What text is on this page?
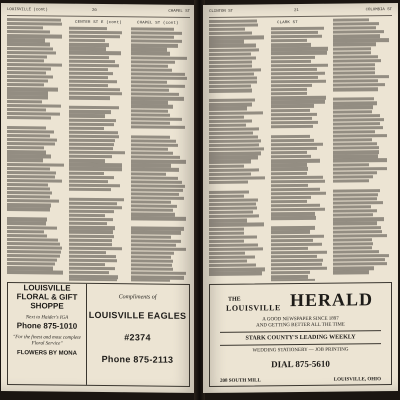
LOUISVILLE (cont)	20	CHAPEL ST
CENTER ST E (cont)	CHAPEL ST (cont)

LOUISVILLE

FLORAL & GIFT

SHOPPE

Next to Haider's IGA

Phone 875-1010

"For the finest and most complete Floral Service"

FLOWERS BY MONA

Compliments of

LOUISVILLE EAGLES

#2374

Phone 875-2113

CLINTON ST	21	COLUMBIA ST
CLARK ST
THE
LOUISVILLE HERALD
A GOOD NEWSPAPER SINCE 1897
AND GETTING BETTER ALL THE TIME
STARK COUNTY'S LEADING WEEKLY
WEDDING STATIONERY — JOB PRINTING
DIAL 875-5610
208 SOUTH MILL	LOUISVILLE, OHIO
